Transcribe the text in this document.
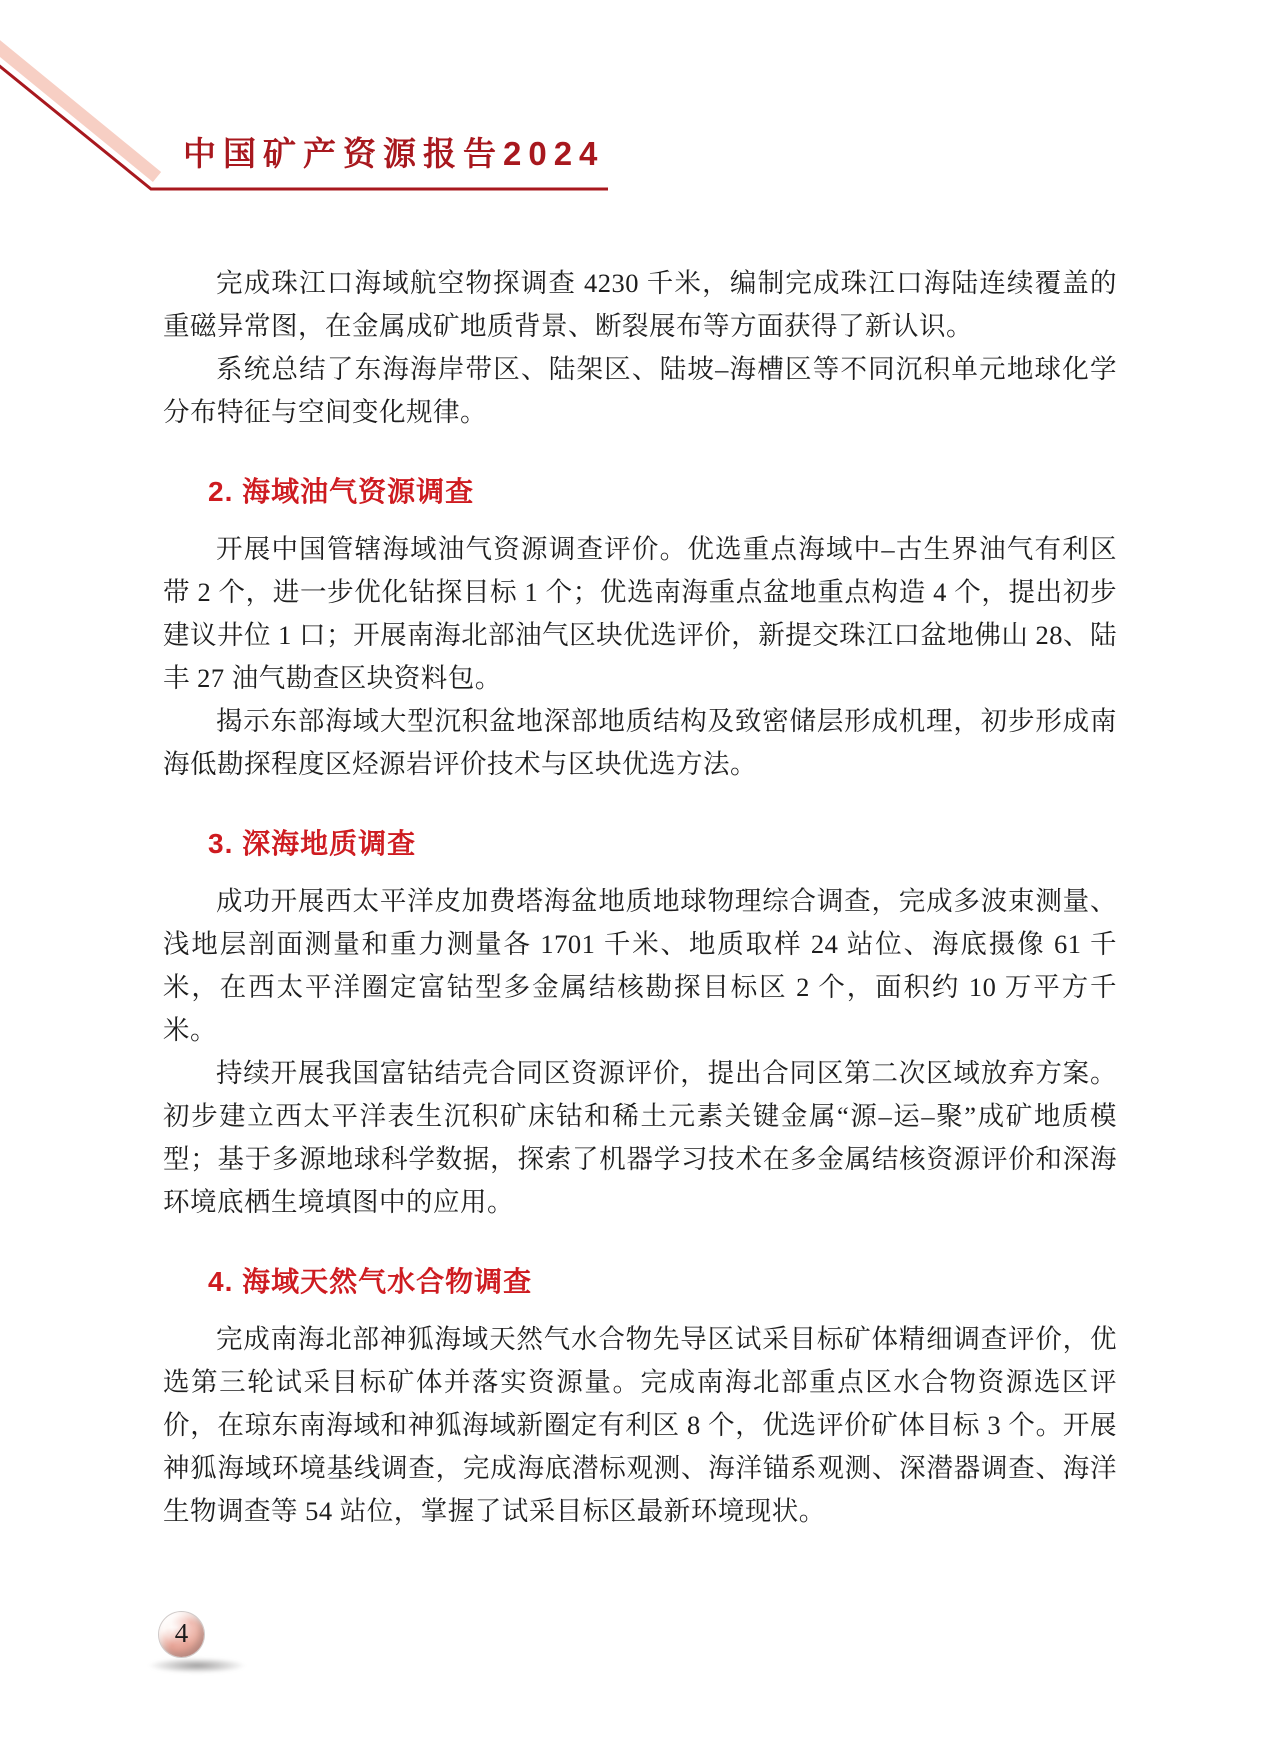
中国矿产资源报告2024

完成珠江口海域航空物探调查 4230 千米，编制完成珠江口海陆连续覆盖的重磁异常图，在金属成矿地质背景、断裂展布等方面获得了新认识。

系统总结了东海海岸带区、陆架区、陆坡–海槽区等不同沉积单元地球化学分布特征与空间变化规律。

2. 海域油气资源调查

开展中国管辖海域油气资源调查评价。优选重点海域中–古生界油气有利区带 2 个，进一步优化钻探目标 1 个；优选南海重点盆地重点构造 4 个，提出初步建议井位 1 口；开展南海北部油气区块优选评价，新提交珠江口盆地佛山 28、陆丰 27 油气勘查区块资料包。

揭示东部海域大型沉积盆地深部地质结构及致密储层形成机理，初步形成南海低勘探程度区烃源岩评价技术与区块优选方法。

3. 深海地质调查

成功开展西太平洋皮加费塔海盆地质地球物理综合调查，完成多波束测量、浅地层剖面测量和重力测量各 1701 千米、地质取样 24 站位、海底摄像 61 千米，在西太平洋圈定富钴型多金属结核勘探目标区 2 个，面积约 10 万平方千米。

持续开展我国富钴结壳合同区资源评价，提出合同区第二次区域放弃方案。初步建立西太平洋表生沉积矿床钴和稀土元素关键金属“源–运–聚”成矿地质模型；基于多源地球科学数据，探索了机器学习技术在多金属结核资源评价和深海环境底栖生境填图中的应用。

4. 海域天然气水合物调查

完成南海北部神狐海域天然气水合物先导区试采目标矿体精细调查评价，优选第三轮试采目标矿体并落实资源量。完成南海北部重点区水合物资源选区评价，在琼东南海域和神狐海域新圈定有利区 8 个，优选评价矿体目标 3 个。开展神狐海域环境基线调查，完成海底潜标观测、海洋锚系观测、深潜器调查、海洋生物调查等 54 站位，掌握了试采目标区最新环境现状。

4
